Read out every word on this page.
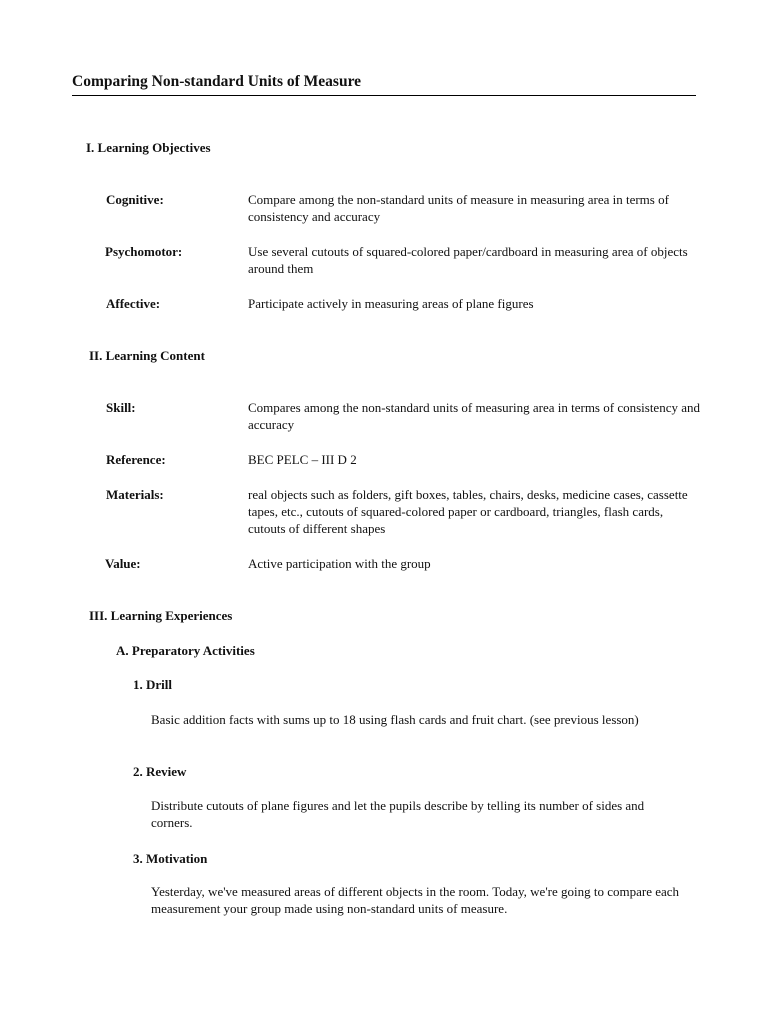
Comparing Non-standard Units of Measure
I. Learning Objectives
Cognitive:	Compare among the non-standard units of measure in measuring area in terms of consistency and accuracy
Psychomotor:	Use several cutouts of squared-colored paper/cardboard in measuring area of objects around them
Affective:	Participate actively in measuring areas of plane figures
II. Learning Content
Skill:	Compares among the non-standard units of measuring area in terms of consistency and accuracy
Reference:	BEC PELC – III D 2
Materials:	real objects such as folders, gift boxes, tables, chairs, desks, medicine cases, cassette tapes, etc., cutouts of squared-colored paper or cardboard, triangles, flash cards, cutouts of different shapes
Value:	Active participation with the group
III. Learning Experiences
A. Preparatory Activities
1. Drill
Basic addition facts with sums up to 18 using flash cards and fruit chart. (see previous lesson)
2. Review
Distribute cutouts of plane figures and let the pupils describe by telling its number of sides and corners.
3. Motivation
Yesterday, we've measured areas of different objects in the room. Today, we're going to compare each measurement your group made using non-standard units of measure.
